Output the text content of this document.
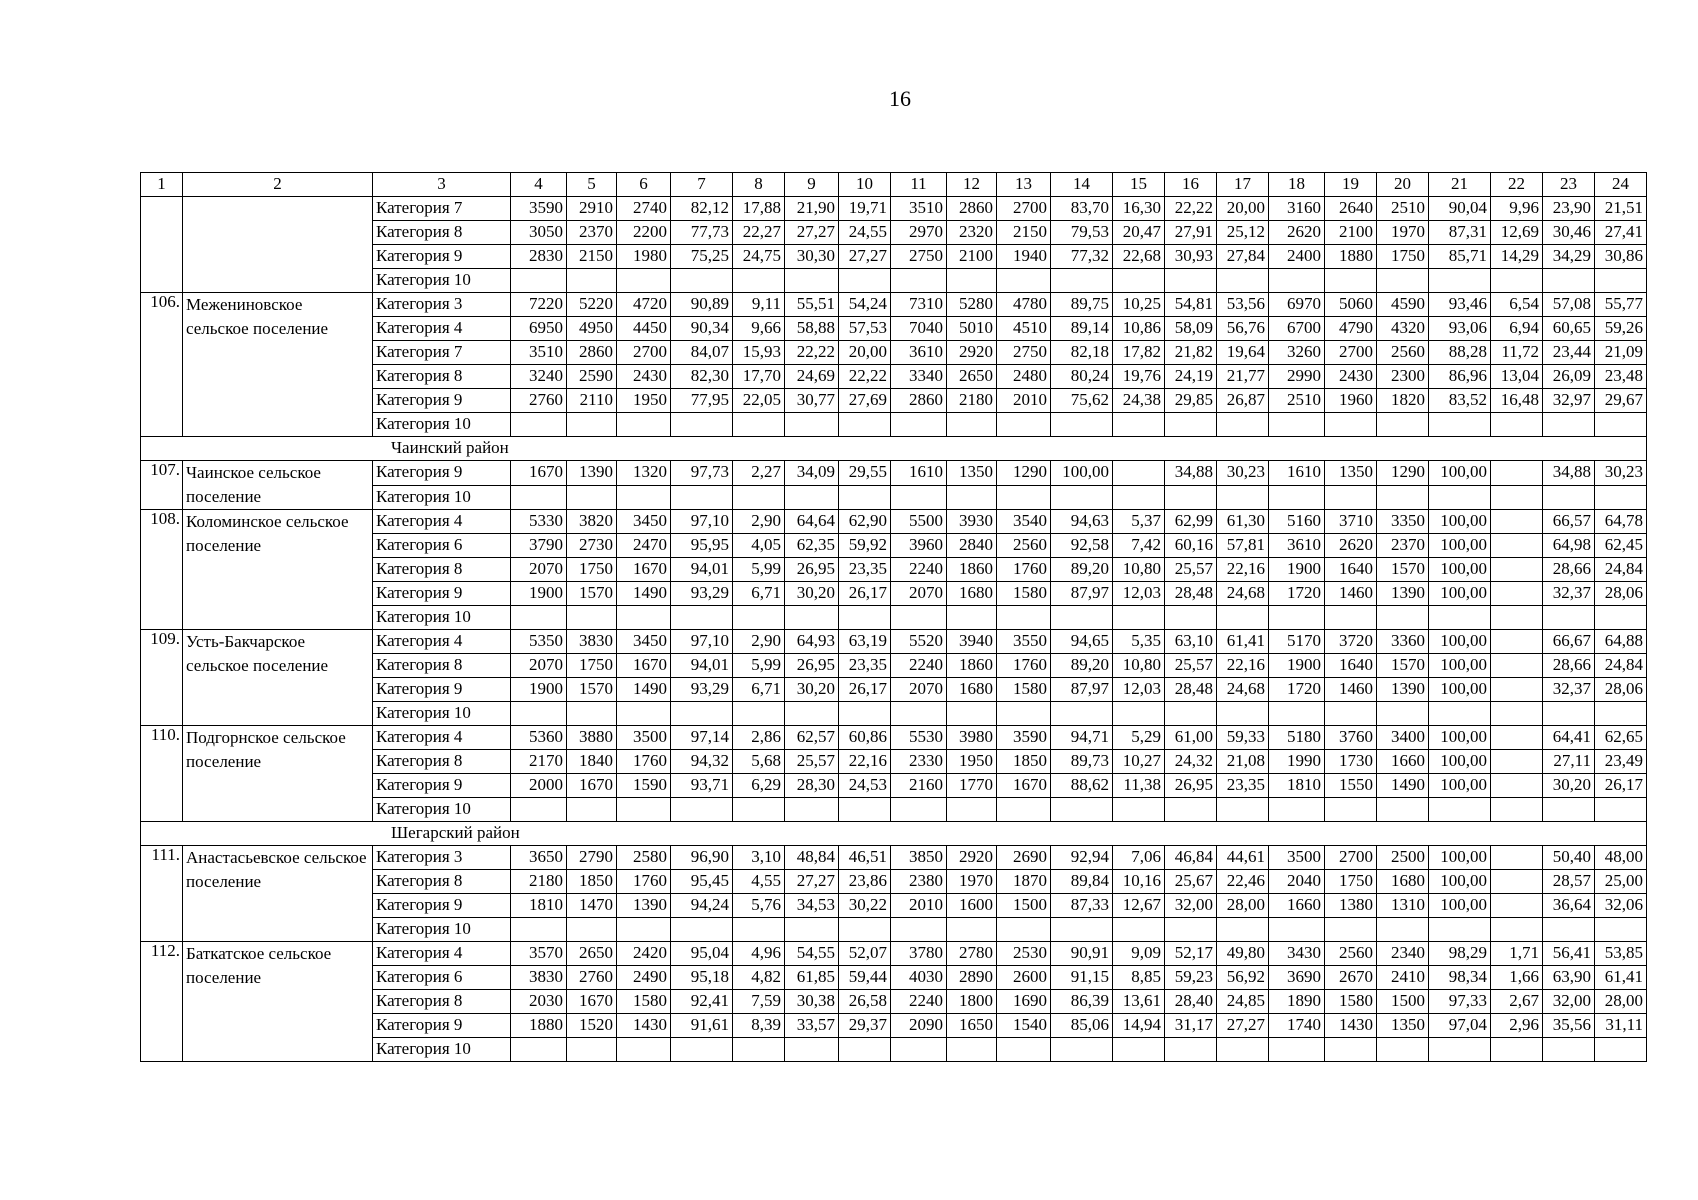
16
1	2	3	4	5	6	7	8	9	10	11	12	13	14	15	16	17	18	19	20	21	22	23	24
		Категория 7	3590	2910	2740	82,12	17,88	21,90	19,71	3510	2860	2700	83,70	16,30	22,22	20,00	3160	2640	2510	90,04	9,96	23,90	21,51
		Категория 8	3050	2370	2200	77,73	22,27	27,27	24,55	2970	2320	2150	79,53	20,47	27,91	25,12	2620	2100	1970	87,31	12,69	30,46	27,41
		Категория 9	2830	2150	1980	75,25	24,75	30,30	27,27	2750	2100	1940	77,32	22,68	30,93	27,84	2400	1880	1750	85,71	14,29	34,29	30,86
		Категория 10																					
106.	Межениновское сельское поселение	Категория 3	7220	5220	4720	90,89	9,11	55,51	54,24	7310	5280	4780	89,75	10,25	54,81	53,56	6970	5060	4590	93,46	6,54	57,08	55,77
		Категория 4	6950	4950	4450	90,34	9,66	58,88	57,53	7040	5010	4510	89,14	10,86	58,09	56,76	6700	4790	4320	93,06	6,94	60,65	59,26
		Категория 7	3510	2860	2700	84,07	15,93	22,22	20,00	3610	2920	2750	82,18	17,82	21,82	19,64	3260	2700	2560	88,28	11,72	23,44	21,09
		Категория 8	3240	2590	2430	82,30	17,70	24,69	22,22	3340	2650	2480	80,24	19,76	24,19	21,77	2990	2430	2300	86,96	13,04	26,09	23,48
		Категория 9	2760	2110	1950	77,95	22,05	30,77	27,69	2860	2180	2010	75,62	24,38	29,85	26,87	2510	1960	1820	83,52	16,48	32,97	29,67
		Категория 10																					
Чаинский район																							
107.	Чаинское сельское поселение	Категория 9	1670	1390	1320	97,73	2,27	34,09	29,55	1610	1350	1290	100,00		34,88	30,23	1610	1350	1290	100,00		34,88	30,23
		Категория 10																					
108.	Коломинское сельское поселение	Категория 4	5330	3820	3450	97,10	2,90	64,64	62,90	5500	3930	3540	94,63	5,37	62,99	61,30	5160	3710	3350	100,00		66,57	64,78
		Категория 6	3790	2730	2470	95,95	4,05	62,35	59,92	3960	2840	2560	92,58	7,42	60,16	57,81	3610	2620	2370	100,00		64,98	62,45
		Категория 8	2070	1750	1670	94,01	5,99	26,95	23,35	2240	1860	1760	89,20	10,80	25,57	22,16	1900	1640	1570	100,00		28,66	24,84
		Категория 9	1900	1570	1490	93,29	6,71	30,20	26,17	2070	1680	1580	87,97	12,03	28,48	24,68	1720	1460	1390	100,00		32,37	28,06
		Категория 10																					
109.	Усть-Бакчарское сельское поселение	Категория 4	5350	3830	3450	97,10	2,90	64,93	63,19	5520	3940	3550	94,65	5,35	63,10	61,41	5170	3720	3360	100,00		66,67	64,88
		Категория 8	2070	1750	1670	94,01	5,99	26,95	23,35	2240	1860	1760	89,20	10,80	25,57	22,16	1900	1640	1570	100,00		28,66	24,84
		Категория 9	1900	1570	1490	93,29	6,71	30,20	26,17	2070	1680	1580	87,97	12,03	28,48	24,68	1720	1460	1390	100,00		32,37	28,06
		Категория 10																					
110.	Подгорнское сельское поселение	Категория 4	5360	3880	3500	97,14	2,86	62,57	60,86	5530	3980	3590	94,71	5,29	61,00	59,33	5180	3760	3400	100,00		64,41	62,65
		Категория 8	2170	1840	1760	94,32	5,68	25,57	22,16	2330	1950	1850	89,73	10,27	24,32	21,08	1990	1730	1660	100,00		27,11	23,49
		Категория 9	2000	1670	1590	93,71	6,29	28,30	24,53	2160	1770	1670	88,62	11,38	26,95	23,35	1810	1550	1490	100,00		30,20	26,17
		Категория 10																					
Шегарский район																							
111.	Анастасьевское сельское поселение	Категория 3	3650	2790	2580	96,90	3,10	48,84	46,51	3850	2920	2690	92,94	7,06	46,84	44,61	3500	2700	2500	100,00		50,40	48,00
		Категория 8	2180	1850	1760	95,45	4,55	27,27	23,86	2380	1970	1870	89,84	10,16	25,67	22,46	2040	1750	1680	100,00		28,57	25,00
		Категория 9	1810	1470	1390	94,24	5,76	34,53	30,22	2010	1600	1500	87,33	12,67	32,00	28,00	1660	1380	1310	100,00		36,64	32,06
		Категория 10																					
112.	Баткатское сельское поселение	Категория 4	3570	2650	2420	95,04	4,96	54,55	52,07	3780	2780	2530	90,91	9,09	52,17	49,80	3430	2560	2340	98,29	1,71	56,41	53,85
		Категория 6	3830	2760	2490	95,18	4,82	61,85	59,44	4030	2890	2600	91,15	8,85	59,23	56,92	3690	2670	2410	98,34	1,66	63,90	61,41
		Категория 8	2030	1670	1580	92,41	7,59	30,38	26,58	2240	1800	1690	86,39	13,61	28,40	24,85	1890	1580	1500	97,33	2,67	32,00	28,00
		Категория 9	1880	1520	1430	91,61	8,39	33,57	29,37	2090	1650	1540	85,06	14,94	31,17	27,27	1740	1430	1350	97,04	2,96	35,56	31,11
		Категория 10																					
